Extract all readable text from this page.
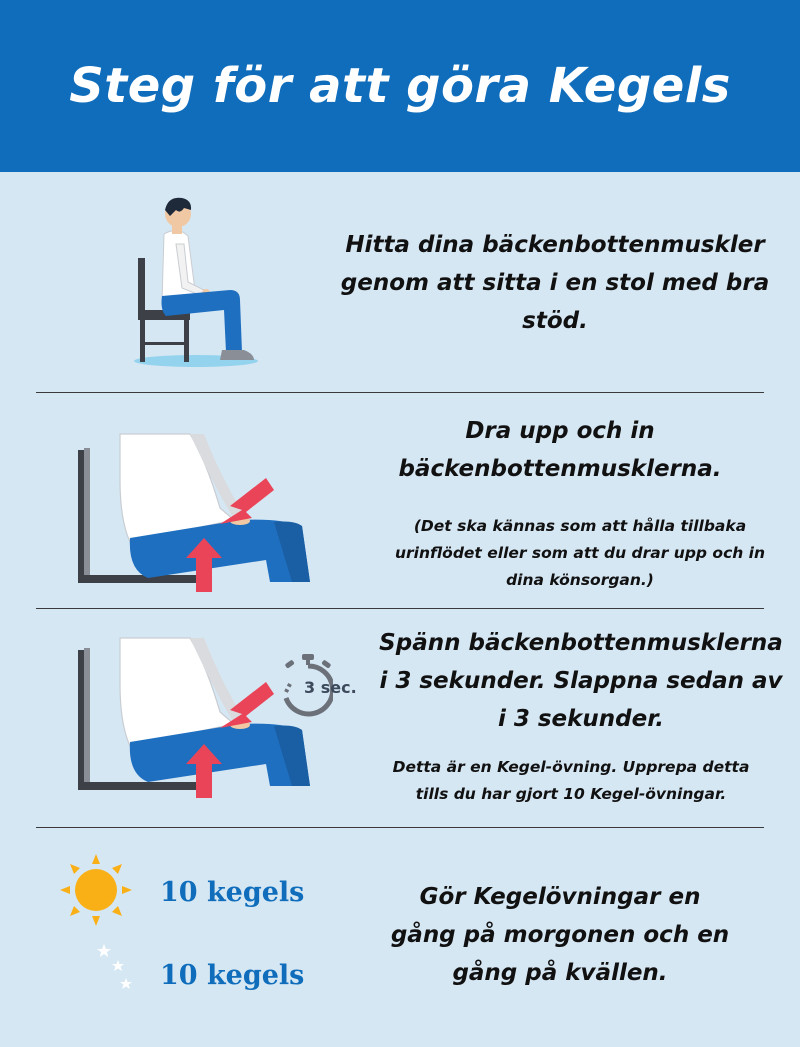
Steg för att göra Kegels
Hitta dina bäckenbottenmuskler
genom att sitta i en stol med bra
stöd.
Dra upp och in
bäckenbottenmusklerna.
(Det ska kännas som att hålla tillbaka
urinflödet eller som att du drar upp och in
dina könsorgan.)
3 sec.
Spänn bäckenbottenmusklerna
i 3 sekunder. Slappna sedan av
i 3 sekunder.
Detta är en Kegel-övning. Upprepa detta
tills du har gjort 10 Kegel-övningar.
10 kegels
10 kegels
Gör Kegelövningar en
gång på morgonen och en
gång på kvällen.
